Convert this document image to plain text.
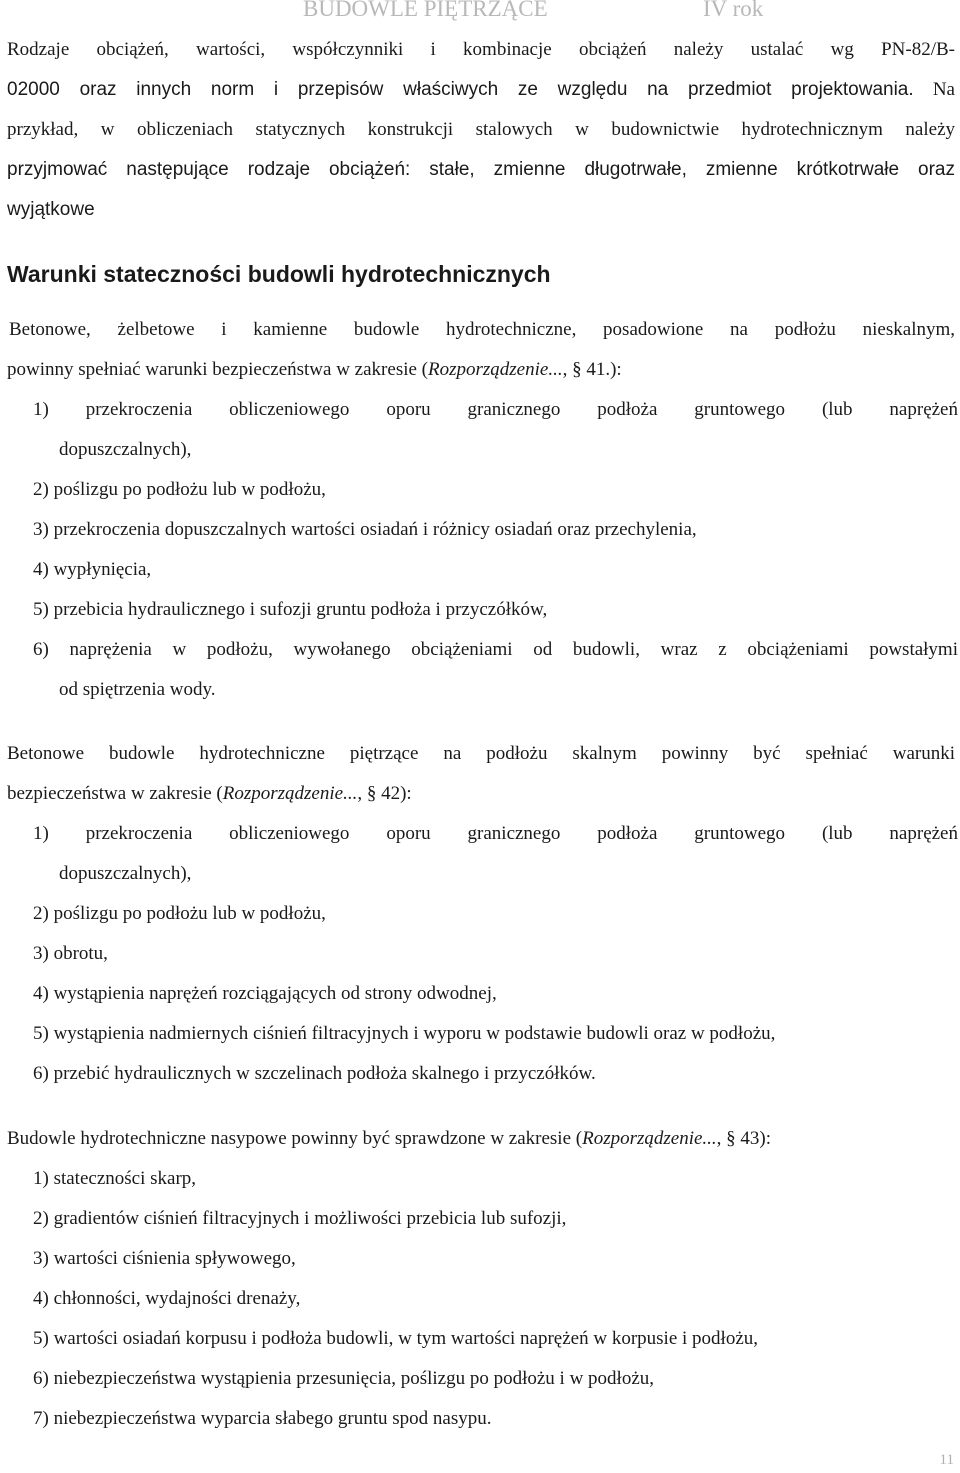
BUDOWLE PIĘTRZĄCE	IV rok
Rodzaje obciążeń, wartości, współczynniki i kombinacje obciążeń należy ustalać wg PN-82/B-
02000 oraz innych norm i przepisów właściwych ze względu na przedmiot projektowania. Na
przykład, w obliczeniach statycznych konstrukcji stalowych w budownictwie hydrotechnicznym należy
przyjmować następujące rodzaje obciążeń: stałe, zmienne długotrwałe, zmienne krótkotrwałe oraz
wyjątkowe
Warunki stateczności budowli hydrotechnicznych
Betonowe, żelbetowe i kamienne budowle hydrotechniczne, posadowione na podłożu nieskalnym,
powinny spełniać warunki bezpieczeństwa w zakresie (Rozporządzenie..., § 41.):
1) przekroczenia obliczeniowego oporu granicznego podłoża gruntowego (lub naprężeń
dopuszczalnych),
2) poślizgu po podłożu lub w podłożu,
3) przekroczenia dopuszczalnych wartości osiadań i różnicy osiadań oraz przechylenia,
4) wypłynięcia,
5) przebicia hydraulicznego i sufozji gruntu podłoża i przyczółków,
6) naprężenia w podłożu, wywołanego obciążeniami od budowli, wraz z obciążeniami powstałymi
od spiętrzenia wody.
Betonowe budowle hydrotechniczne piętrzące na podłożu skalnym powinny być spełniać warunki
bezpieczeństwa w zakresie (Rozporządzenie..., § 42):
1) przekroczenia obliczeniowego oporu granicznego podłoża gruntowego (lub naprężeń
dopuszczalnych),
2) poślizgu po podłożu lub w podłożu,
3) obrotu,
4) wystąpienia naprężeń rozciągających od strony odwodnej,
5) wystąpienia nadmiernych ciśnień filtracyjnych i wyporu w podstawie budowli oraz w podłożu,
6) przebić hydraulicznych w szczelinach podłoża skalnego i przyczółków.
Budowle hydrotechniczne nasypowe powinny być sprawdzone w zakresie (Rozporządzenie..., § 43):
1) stateczności skarp,
2) gradientów ciśnień filtracyjnych i możliwości przebicia lub sufozji,
3) wartości ciśnienia spływowego,
4) chłonności, wydajności drenaży,
5) wartości osiadań korpusu i podłoża budowli, w tym wartości naprężeń w korpusie i podłożu,
6) niebezpieczeństwa wystąpienia przesunięcia, poślizgu po podłożu i w podłożu,
7) niebezpieczeństwa wyparcia słabego gruntu spod nasypu.
11
